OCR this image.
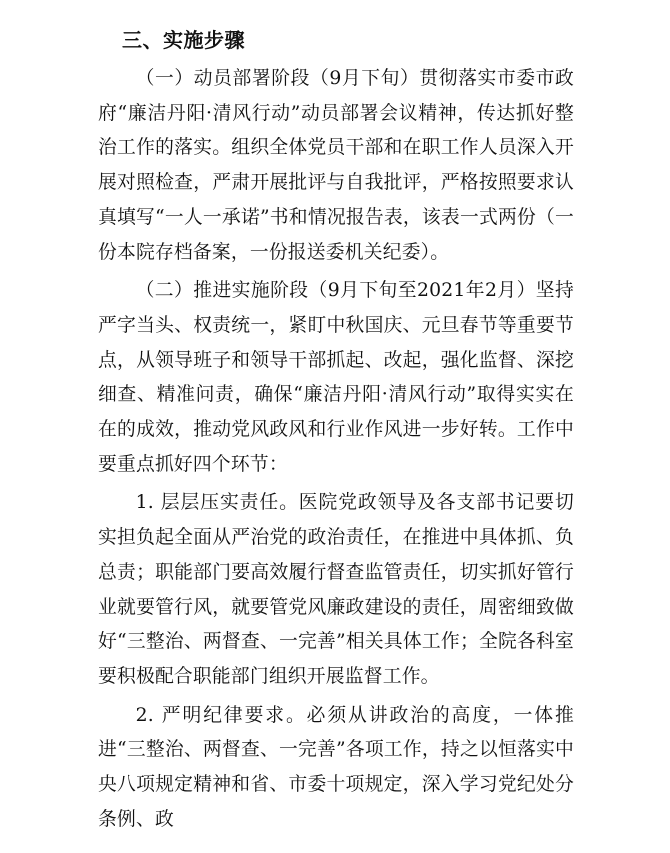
三、实施步骤

（一）动员部署阶段（9月下旬）贯彻落实市委市政府“廉洁丹阳·清风行动”动员部署会议精神，传达抓好整治工作的落实。组织全体党员干部和在职工作人员深入开展对照检查，严肃开展批评与自我批评，严格按照要求认真填写“一人一承诺”书和情况报告表，该表一式两份（一份本院存档备案，一份报送委机关纪委）。

（二）推进实施阶段（9月下旬至2021年2月）坚持严字当头、权责统一，紧盯中秋国庆、元旦春节等重要节点，从领导班子和领导干部抓起、改起，强化监督、深挖细查、精准问责，确保“廉洁丹阳·清风行动”取得实实在在的成效，推动党风政风和行业作风进一步好转。工作中要重点抓好四个环节：

1. 层层压实责任。医院党政领导及各支部书记要切实担负起全面从严治党的政治责任，在推进中具体抓、负总责；职能部门要高效履行督查监管责任，切实抓好管行业就要管行风，就要管党风廉政建设的责任，周密细致做好“三整治、两督查、一完善”相关具体工作；全院各科室要积极配合职能部门组织开展监督工作。

2. 严明纪律要求。必须从讲政治的高度，一体推进“三整治、两督查、一完善”各项工作，持之以恒落实中央八项规定精神和省、市委十项规定，深入学习党纪处分条例、政
